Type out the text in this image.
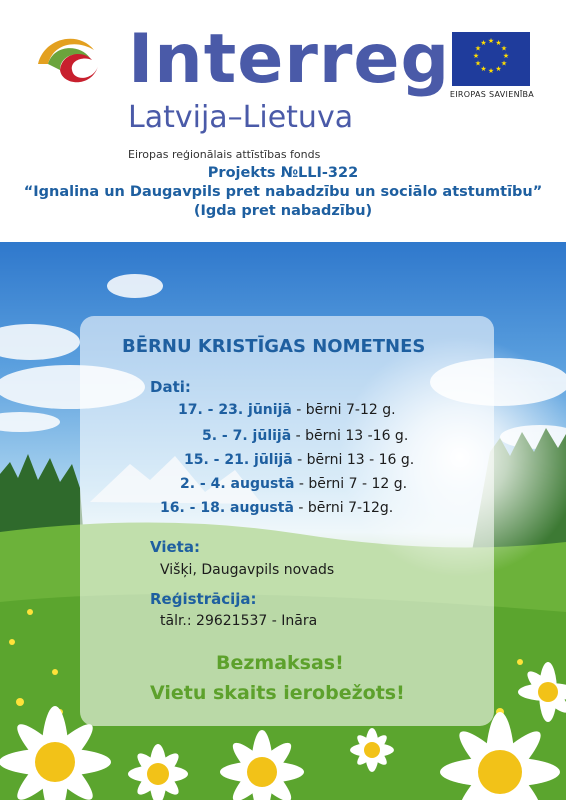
Interreg
Latvija–Lietuva
★ ★
★
★
★
★
★
★
★
★
★
★
EIROPAS SAVIENĪBA
Eiropas reģionālais attīstības fonds
Projekts №LLI-322
“Ignalina un Daugavpils pret nabadzību un sociālo atstumtību”
(Igda pret nabadzību)
BĒRNU KRISTĪGAS NOMETNES
Dati:
17. - 23. jūnijā - bērni 7-12 g.
5. - 7. jūlijā - bērni 13 -16 g.
15. - 21. jūlijā - bērni 13 - 16 g.
2. - 4. augustā - bērni 7 - 12 g.
16. - 18. augustā - bērni 7-12g.
Vieta:
Višķi, Daugavpils novads
Reģistrācija:
tālr.: 29621537 - Ināra
Bezmaksas!
Vietu skaits ierobežots!
